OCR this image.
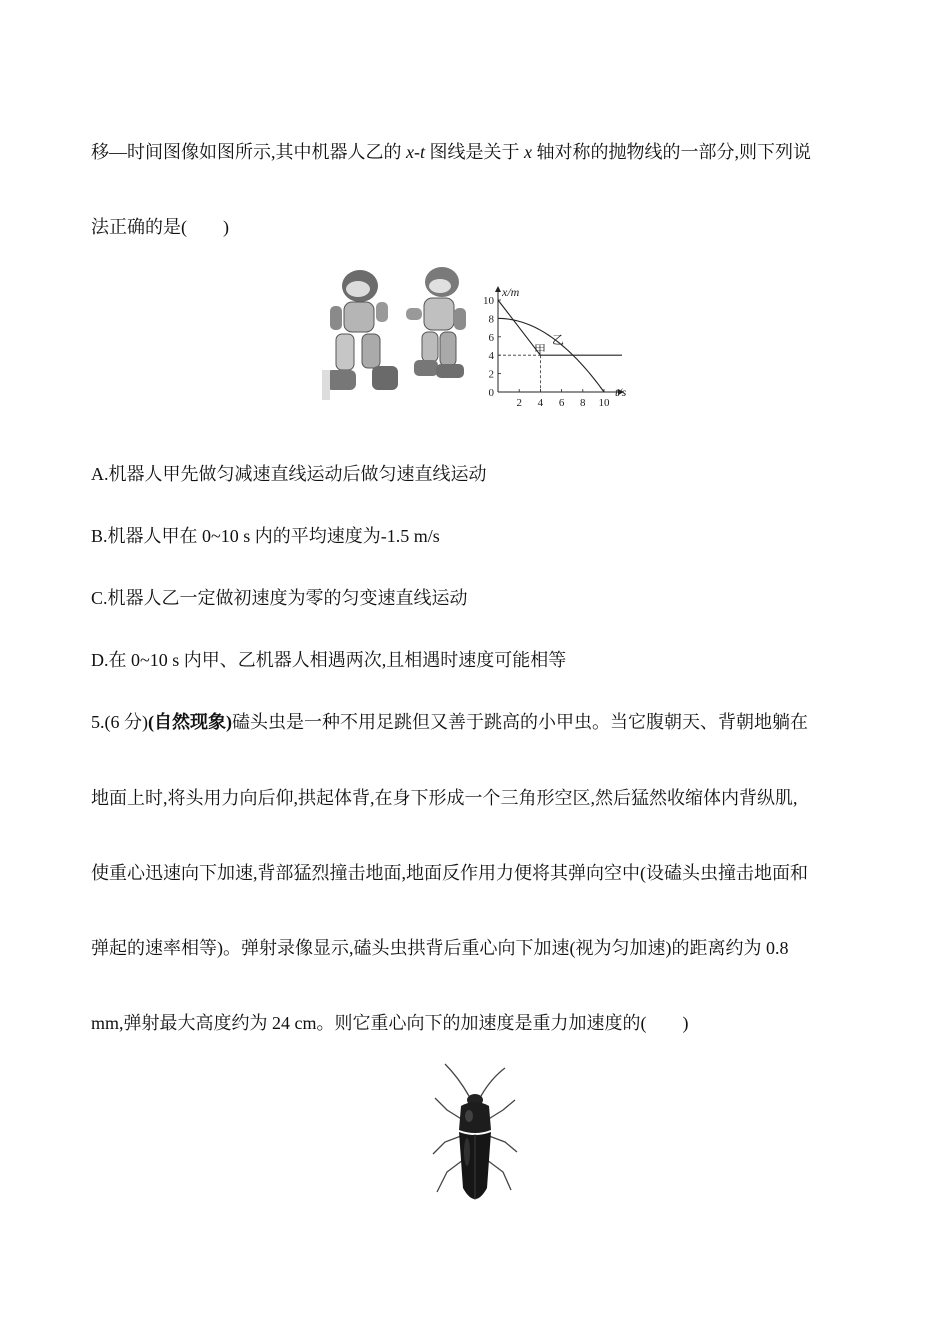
移—时间图像如图所示,其中机器人乙的 x-t 图线是关于 x 轴对称的抛物线的一部分,则下列说
法正确的是(　　)
x/m
t/s
10
8
6
4
2
0
2 4 6 8 10
乙
甲
A.机器人甲先做匀减速直线运动后做匀速直线运动
B.机器人甲在 0~10 s 内的平均速度为-1.5 m/s
C.机器人乙一定做初速度为零的匀变速直线运动
D.在 0~10 s 内甲、乙机器人相遇两次,且相遇时速度可能相等
5.(6 分)(自然现象)磕头虫是一种不用足跳但又善于跳高的小甲虫。当它腹朝天、背朝地躺在
地面上时,将头用力向后仰,拱起体背,在身下形成一个三角形空区,然后猛然收缩体内背纵肌,
使重心迅速向下加速,背部猛烈撞击地面,地面反作用力便将其弹向空中(设磕头虫撞击地面和
弹起的速率相等)。弹射录像显示,磕头虫拱背后重心向下加速(视为匀加速)的距离约为 0.8
mm,弹射最大高度约为 24 cm。则它重心向下的加速度是重力加速度的(　　)
